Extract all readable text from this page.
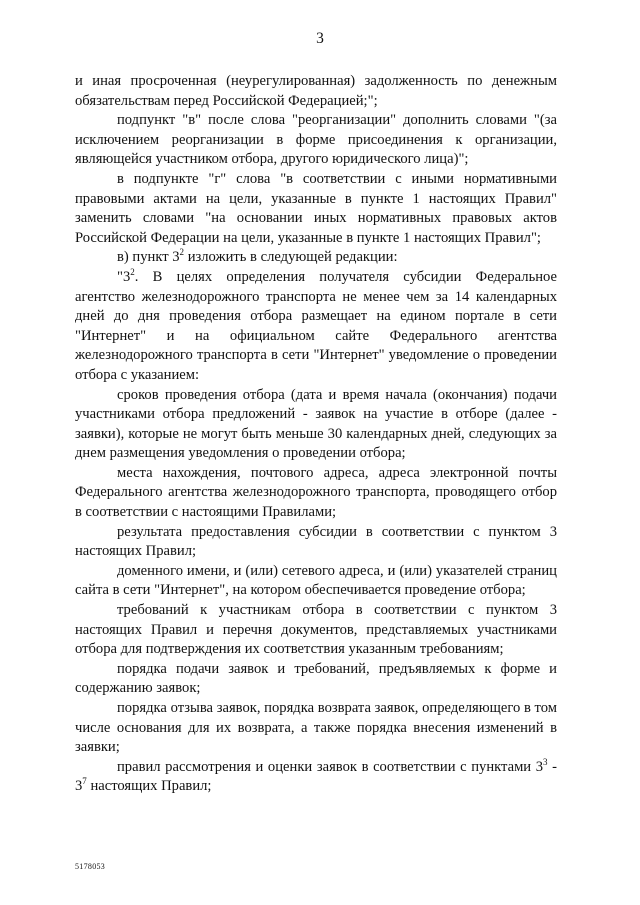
3

и иная просроченная (неурегулированная) задолженность по денежным обязательствам перед Российской Федерацией;";

подпункт "в" после слова "реорганизации" дополнить словами "(за исключением реорганизации в форме присоединения к организации, являющейся участником отбора, другого юридического лица)";

в подпункте "г" слова "в соответствии с иными нормативными правовыми актами на цели, указанные в пункте 1 настоящих Правил" заменить словами "на основании иных нормативных правовых актов Российской Федерации на цели, указанные в пункте 1 настоящих Правил";

в) пункт $3^2$ изложить в следующей редакции:

"$3^2$. В целях определения получателя субсидии Федеральное агентство железнодорожного транспорта не менее чем за 14 календарных дней до дня проведения отбора размещает на едином портале в сети "Интернет" и на официальном сайте Федерального агентства железнодорожного транспорта в сети "Интернет" уведомление о проведении отбора с указанием:

сроков проведения отбора (дата и время начала (окончания) подачи участниками отбора предложений - заявок на участие в отборе (далее - заявки), которые не могут быть меньше 30 календарных дней, следующих за днем размещения уведомления о проведении отбора;

места нахождения, почтового адреса, адреса электронной почты Федерального агентства железнодорожного транспорта, проводящего отбор в соответствии с настоящими Правилами;

результата предоставления субсидии в соответствии с пунктом 3 настоящих Правил;

доменного имени, и (или) сетевого адреса, и (или) указателей страниц сайта в сети "Интернет", на котором обеспечивается проведение отбора;

требований к участникам отбора в соответствии с пунктом 3 настоящих Правил и перечня документов, представляемых участниками отбора для подтверждения их соответствия указанным требованиям;

порядка подачи заявок и требований, предъявляемых к форме и содержанию заявок;

порядка отзыва заявок, порядка возврата заявок, определяющего в том числе основания для их возврата, а также порядка внесения изменений в заявки;

правил рассмотрения и оценки заявок в соответствии с пунктами $3^3 - 3^7$ настоящих Правил;

5178053
